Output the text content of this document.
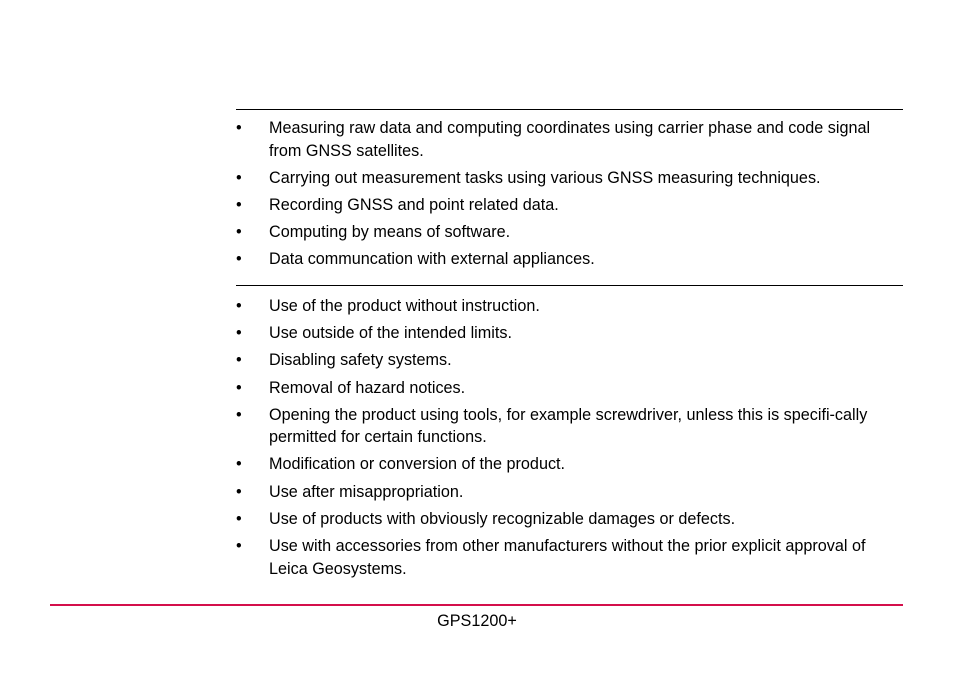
• Measuring raw data and computing coordinates using carrier phase and code signal from GNSS satellites.
• Carrying out measurement tasks using various GNSS measuring techniques.
• Recording GNSS and point related data.
• Computing by means of software.
• Data communcation with external appliances.
• Use of the product without instruction.
• Use outside of the intended limits.
• Disabling safety systems.
• Removal of hazard notices.
• Opening the product using tools, for example screwdriver, unless this is specifi-cally permitted for certain functions.
• Modification or conversion of the product.
• Use after misappropriation.
• Use of products with obviously recognizable damages or defects.
• Use with accessories from other manufacturers without the prior explicit approval of Leica Geosystems.
GPS1200+
